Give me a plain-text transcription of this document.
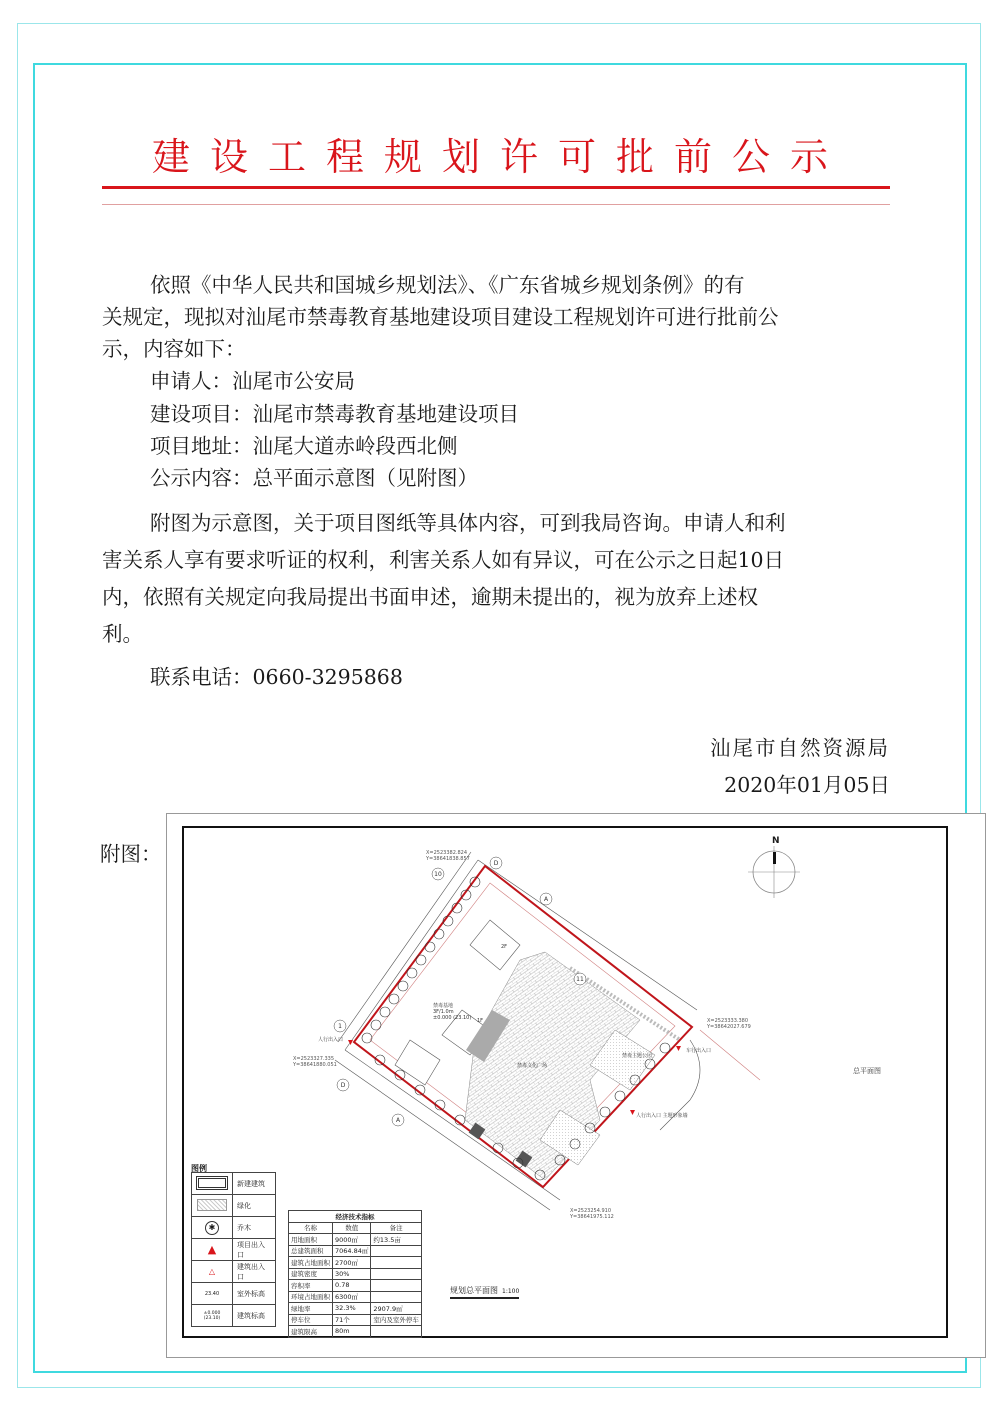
建设工程规划许可批前公示
依照《中华人民共和国城乡规划法》、《广东省城乡规划条例》的有
关规定，现拟对汕尾市禁毒教育基地建设项目建设工程规划许可进行批前公
示，内容如下：
申请人：汕尾市公安局
建设项目：汕尾市禁毒教育基地建设项目
项目地址：汕尾大道赤岭段西北侧
公示内容：总平面示意图（见附图）
附图为示意图，关于项目图纸等具体内容，可到我局咨询。申请人和利
害关系人享有要求听证的权利，利害关系人如有异议，可在公示之日起10日
内，依照有关规定向我局提出书面申述，逾期未提出的，视为放弃上述权
利。
联系电话：0660-3295868
汕尾市自然资源局
2020年01月05日
附图：
10
D
A
1
D
A
11
N
总平面图
X=2523382.824
Y=38641838.857
X=2523333.380
Y=38642027.679
X=2523327.335
Y=38641880.051
X=2523254.910
Y=38641975.112
禁毒基地
3F/1.0m
±0.000 (23.10)
人行出入口
车行出入口
人行出入口 主题形象墙
禁毒文化广场
禁毒主题公园
1F
2F
图例
	新建建筑
	绿化
✱	乔木
▲	项目出入口
△	建筑出入口
23.40	室外标高
±0.000 (23.10)	建筑标高
经济技术指标		
名称	数值	备注
用地面积	9000㎡	约13.5亩
总建筑面积	7064.84㎡	
建筑占地面积	2700㎡	
建筑密度	30%	
容积率	0.78	
环境占地面积	6300㎡	
绿地率	32.3%	2907.9㎡
停车位	71个	室内及室外停车
建筑限高	80m	
规划总平面图 1:100
